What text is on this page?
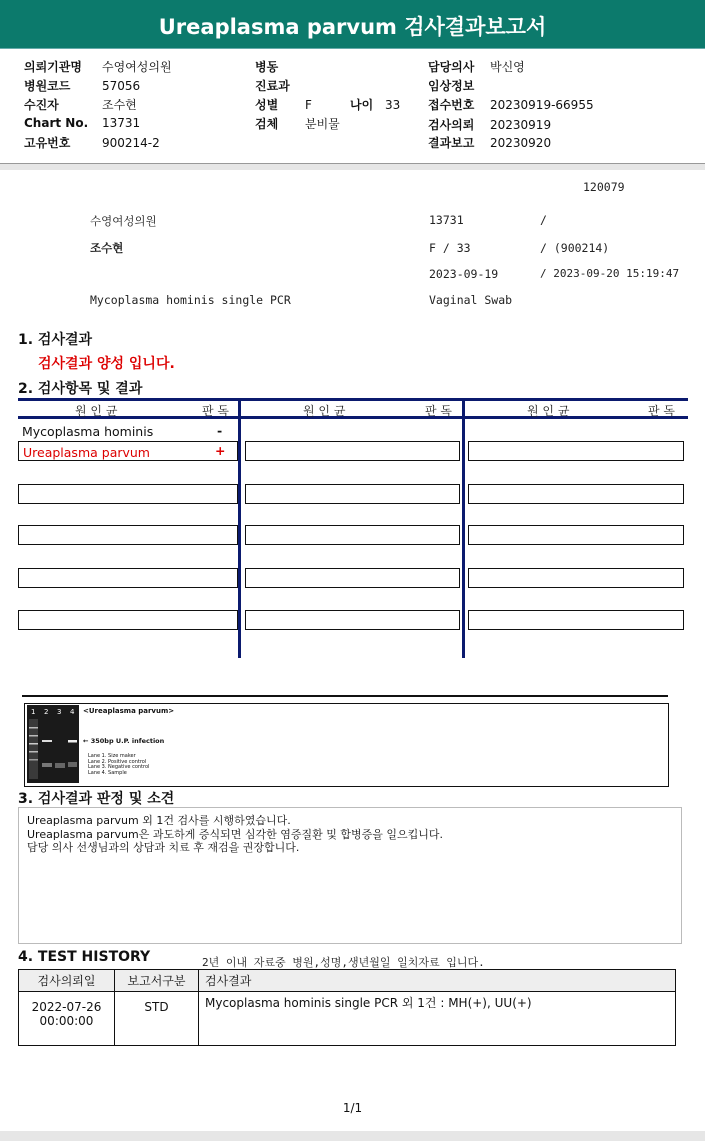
Ureaplasma parvum 검사결과보고서
의뢰기관명 수영여성의원
병원코드	57056
수진자	조수현
Chart No. 13731
고유번호	900214-2
병동
진료과
성별 F	나이 33
검체 분비물
담당의사 박신영
임상정보
접수번호 20230919-66955
검사의뢰 20230919
결과보고 20230920
120079
수영여성의원	13731	/
조수현	F / 33	/ (900214)
2023-09-19	/ 2023-09-20 15:19:47
Mycoplasma hominis single PCR	Vaginal Swab
1. 검사결과
검사결과 양성 입니다.
2. 검사항목 및 결과
원 인 균	판 독	원 인 균	판 독	원 인 균	판 독
Mycoplasma hominis	-
Ureaplasma parvum	+
1 2 3 4 <Ureaplasma parvum>
← 350bp U.P. infection
Lane 1. Size maker
Lane 2. Positive control
Lane 3. Negative control
Lane 4. Sample
3. 검사결과 판정 및 소견
Ureaplasma parvum 외 1건 검사를 시행하였습니다.
Ureaplasma parvum은 과도하게 증식되면 심각한 염증질환 및 합병증을 일으킵니다.
담당 의사 선생님과의 상담과 치료 후 재검을 권장합니다.
4. TEST HISTORY	2년 이내 자료중 병원,성명,생년월일 일치자료 입니다.
검사의뢰일	보고서구분	검사결과

2022-07-26
00:00:00	STD	Mycoplasma hominis single PCR 외 1건 : MH(+), UU(+)
1/1
